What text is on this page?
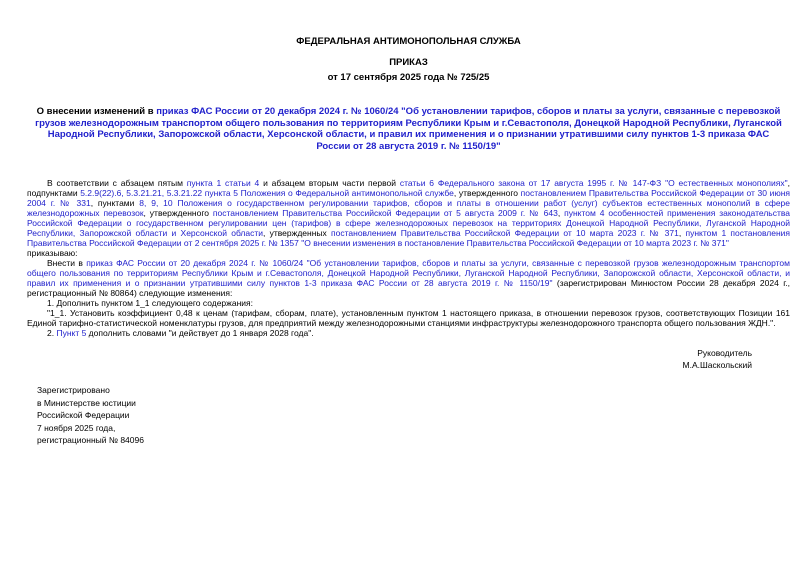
ФЕДЕРАЛЬНАЯ АНТИМОНОПОЛЬНАЯ СЛУЖБА

ПРИКАЗ

от 17 сентября 2025 года № 725/25

О внесении изменений в приказ ФАС России от 20 декабря 2024 г. № 1060/24 "Об установлении тарифов, сборов и платы за услуги, связанные с перевозкой грузов железнодорожным транспортом общего пользования по территориям Республики Крым и г.Севастополя, Донецкой Народной Республики, Луганской Народной Республики, Запорожской области, Херсонской области, и правил их применения и о признании утратившими силу пунктов 1-3 приказа ФАС России от 28 августа 2019 г. № 1150/19"

В соответствии с абзацем пятым пункта 1 статьи 4 и абзацем вторым части первой статьи 6 Федерального закона от 17 августа 1995 г. № 147-ФЗ "О естественных монополиях", подпунктами 5.2.9(22).6, 5.3.21.21, 5.3.21.22 пункта 5 Положения о Федеральной антимонопольной службе, утвержденного постановлением Правительства Российской Федерации от 30 июня 2004 г. № 331, пунктами 8, 9, 10 Положения о государственном регулировании тарифов, сборов и платы в отношении работ (услуг) субъектов естественных монополий в сфере железнодорожных перевозок, утвержденного постановлением Правительства Российской Федерации от 5 августа 2009 г. № 643, пунктом 4 особенностей применения законодательства Российской Федерации о государственном регулировании цен (тарифов) в сфере железнодорожных перевозок на территориях Донецкой Народной Республики, Луганской Народной Республики, Запорожской области и Херсонской области, утвержденных постановлением Правительства Российской Федерации от 10 марта 2023 г. № 371, пунктом 1 постановления Правительства Российской Федерации от 2 сентября 2025 г. № 1357 "О внесении изменения в постановление Правительства Российской Федерации от 10 марта 2023 г. № 371"

приказываю:

Внести в приказ ФАС России от 20 декабря 2024 г. № 1060/24 "Об установлении тарифов, сборов и платы за услуги, связанные с перевозкой грузов железнодорожным транспортом общего пользования по территориям Республики Крым и г.Севастополя, Донецкой Народной Республики, Луганской Народной Республики, Запорожской области, Херсонской области, и правил их применения и о признании утратившими силу пунктов 1-3 приказа ФАС России от 28 августа 2019 г. № 1150/19" (зарегистрирован Минюстом России 28 декабря 2024 г., регистрационный № 80864) следующие изменения:

1. Дополнить пунктом 1_1 следующего содержания:

"1_1. Установить коэффициент 0,48 к ценам (тарифам, сборам, плате), установленным пунктом 1 настоящего приказа, в отношении перевозок грузов, соответствующих Позиции 161 Единой тарифно-статистической номенклатуры грузов, для предприятий между железнодорожными станциями инфраструктуры железнодорожного транспорта общего пользования ЖДН.".

2. Пункт 5 дополнить словами "и действует до 1 января 2028 года".

Руководитель
М.А.Шаскольский
Зарегистрировано
в Министерстве юстиции
Российской Федерации
7 ноября 2025 года,
регистрационный № 84096
